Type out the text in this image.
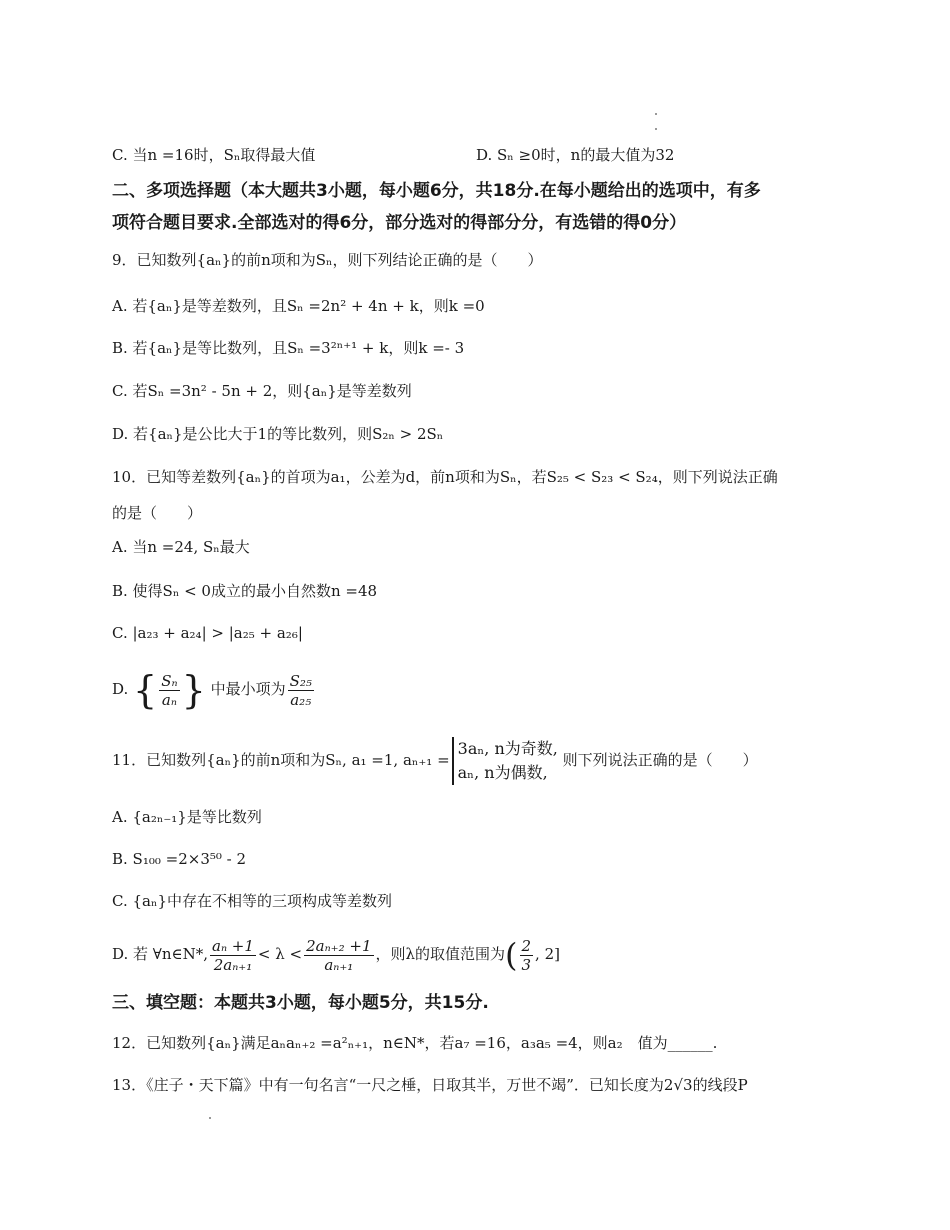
C. 当n =16时，Sₙ取得最大值	D. Sₙ ≥0时，n的最大值为32
二、多项选择题（本大题共3小题，每小题6分，共18分.在每小题给出的选项中，有多
项符合题目要求.全部选对的得6分，部分选对的得部分分，有选错的得0分）
9．已知数列{aₙ}的前n项和为Sₙ，则下列结论正确的是（　　）
A. 若{aₙ}是等差数列，且Sₙ =2n² + 4n + k，则k =0
B. 若{aₙ}是等比数列，且Sₙ =3²ⁿ⁺¹ + k，则k =- 3
C. 若Sₙ =3n² - 5n + 2，则{aₙ}是等差数列
D. 若{aₙ}是公比大于1的等比数列，则S₂ₙ > 2Sₙ
10．已知等差数列{aₙ}的首项为a₁，公差为d，前n项和为Sₙ，若S₂₅ < S₂₃ < S₂₄，则下列说法正确
的是（　　）
A. 当n =24, Sₙ最大
B. 使得Sₙ < 0成立的最小自然数n =48
C. |a₂₃ + a₂₄| > |a₂₅ + a₂₆|
D. { $\frac{\text{Sₙ}}{\text{aₙ}}$ } 中最小项为 $\frac{\text{S₂₅}}{\text{a₂₅}}$
11．已知数列{aₙ}的前n项和为Sₙ, a₁ =1, aₙ₊₁ =
3aₙ, n为奇数,
aₙ, n为偶数,
则下列说法正确的是（　　）
A. {a₂ₙ₋₁}是等比数列
B. S₁₀₀ =2×3⁵⁰ - 2
C. {aₙ}中存在不相等的三项构成等差数列
D. 若 ∀n∈N*, $\frac{\text{aₙ +1}}{\text{2aₙ₊₁}} < \lambda < \frac{\text{2aₙ₊₂ +1}}{\text{aₙ₊₁}}$ ，则λ的取值范围为( $\frac{2}{3}$ , 2]
三、填空题：本题共3小题，每小题5分，共15分.
12．已知数列{aₙ}满足aₙaₙ₊₂ =a²ₙ₊₁，n∈N*，若a₇ =16，a₃a₅ =4，则a₂　值为______.
13．《庄子・天下篇》中有一句名言“一尺之棰，日取其半，万世不竭”．已知长度为2√3的线段P
